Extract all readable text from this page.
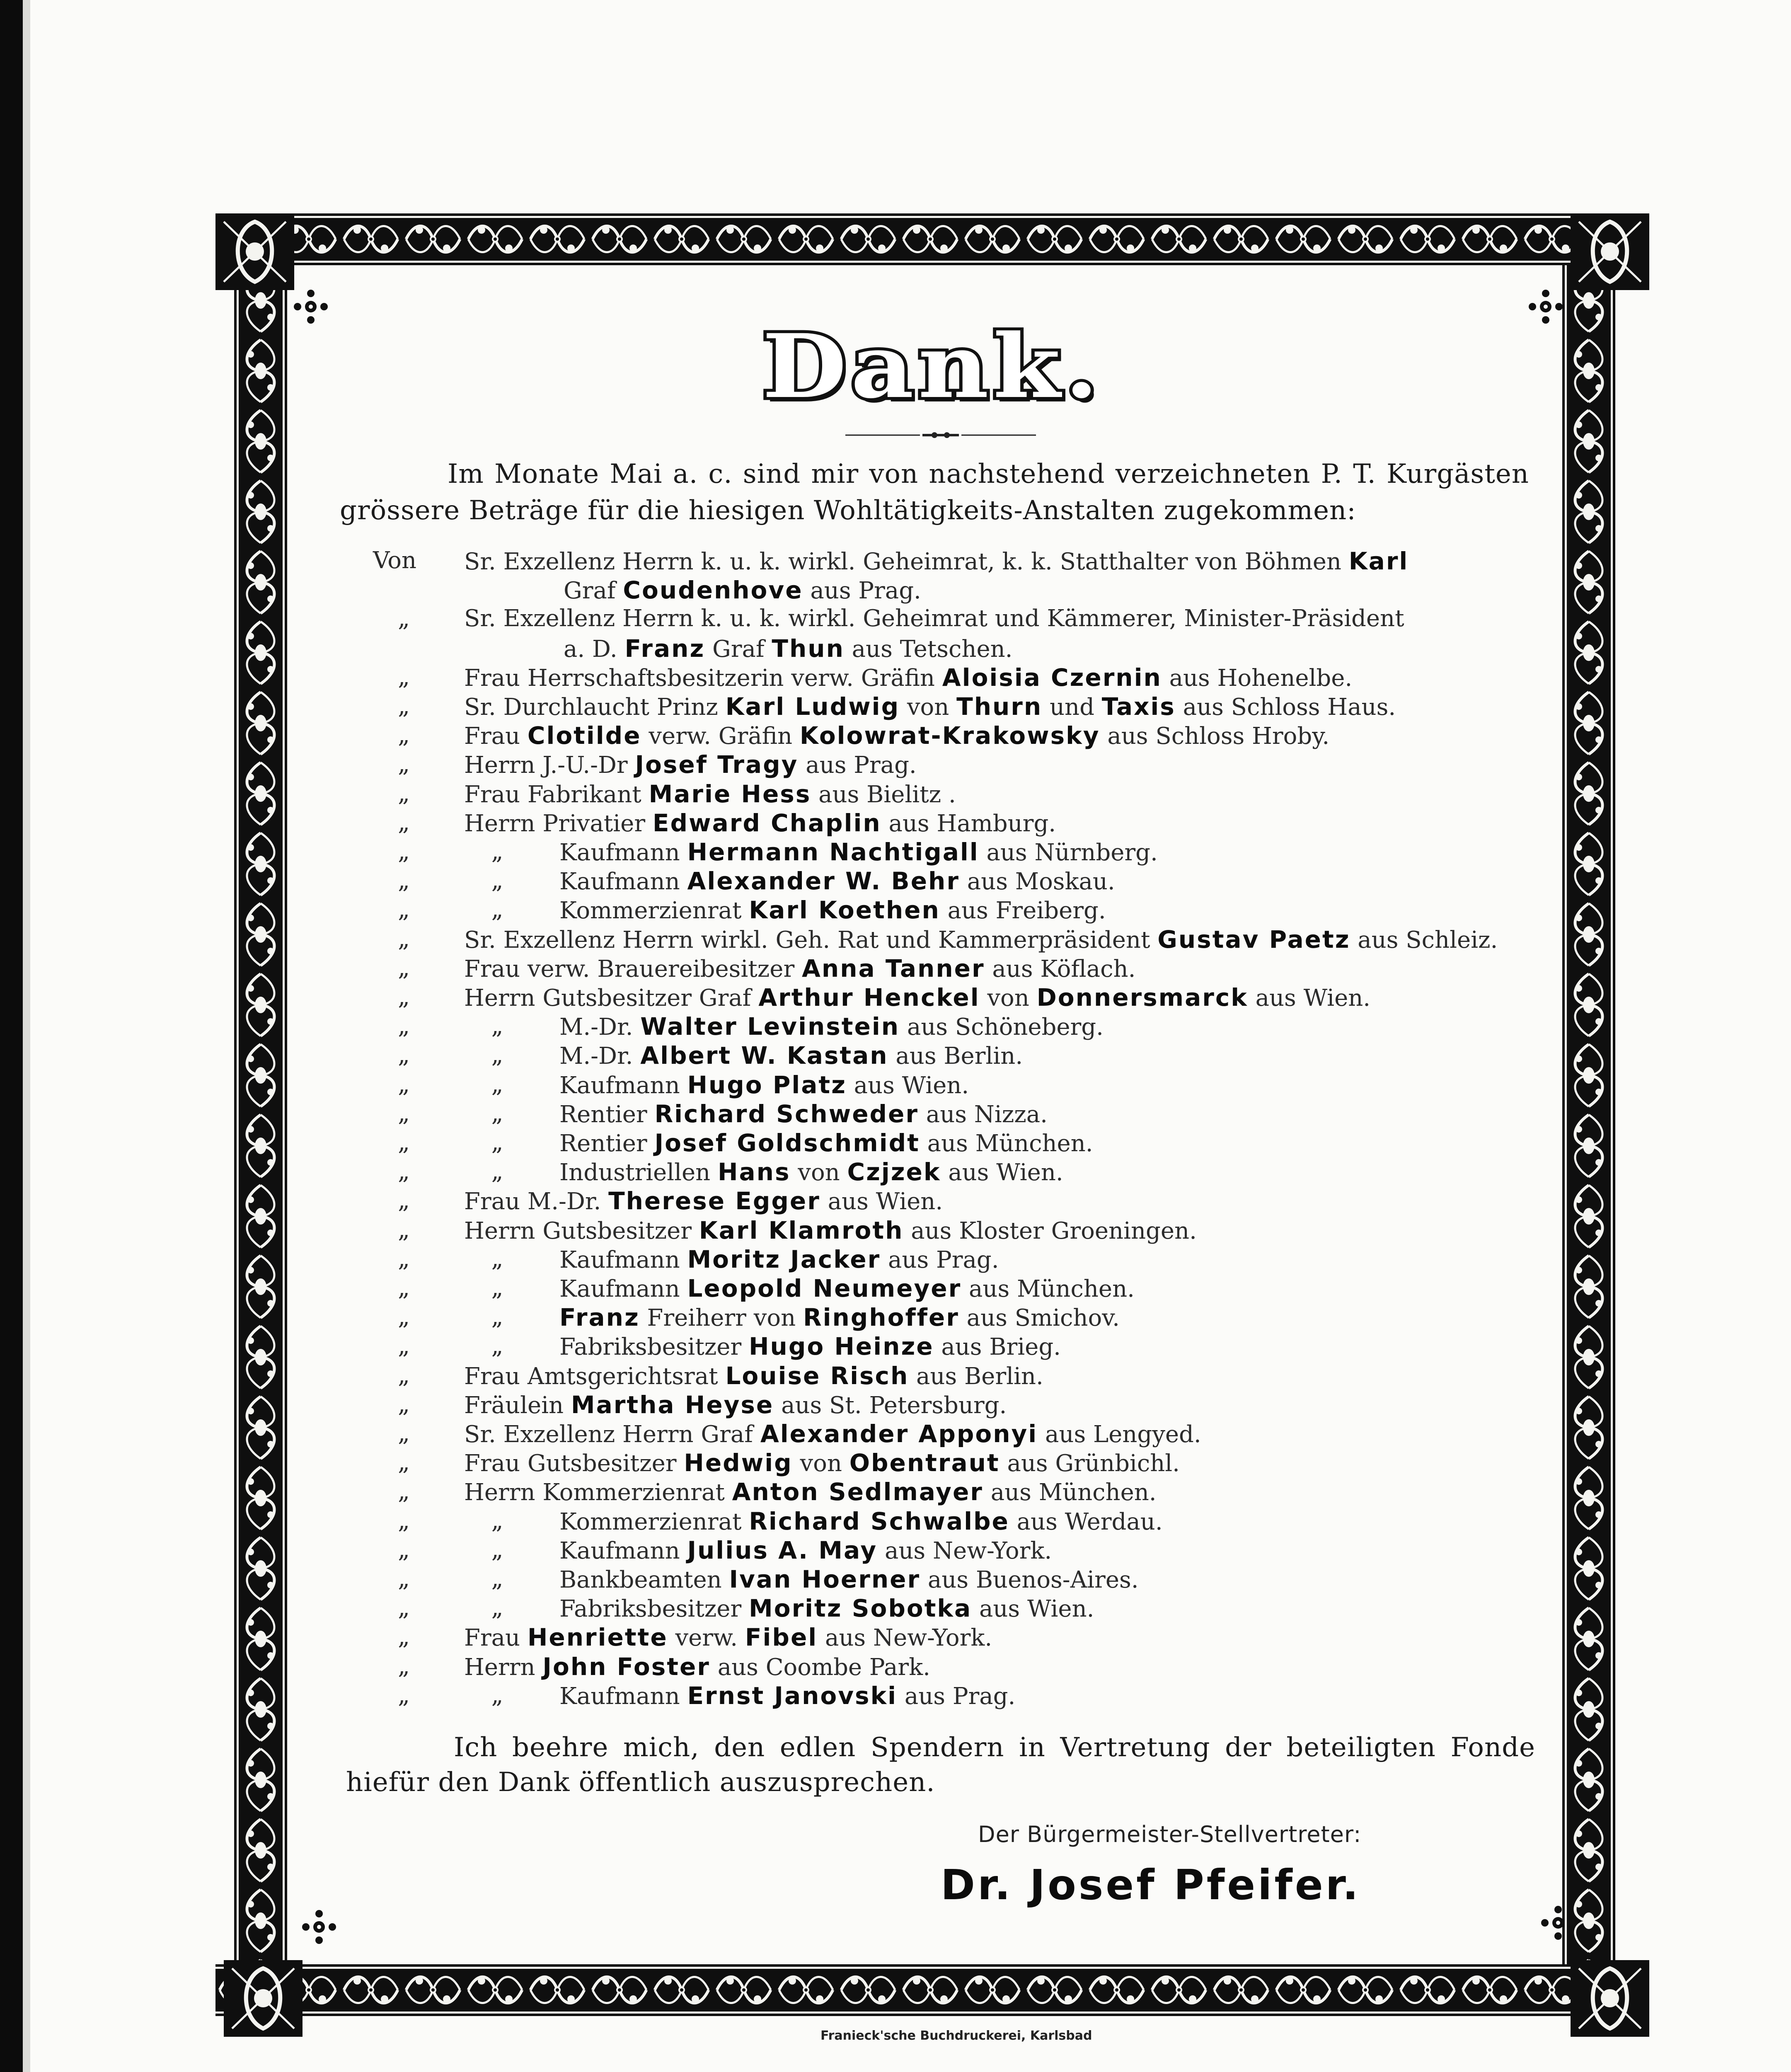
Dank.
Im Monate Mai a. c. sind mir von nachstehend verzeichneten P. T. Kurgästen
grössere Beträge für die hiesigen Wohltätigkeits-Anstalten zugekommen:
Von Sr. Exzellenz Herrn k. u. k. wirkl. Geheimrat, k. k. Statthalter von Böhmen Karl
Graf Coudenhove aus Prag.
„	Sr. Exzellenz Herrn k. u. k. wirkl. Geheimrat und Kämmerer, Minister-Präsident
a. D. Franz Graf Thun aus Tetschen.
„	Frau Herrschaftsbesitzerin verw. Gräfin Aloisia Czernin aus Hohenelbe.
„	Sr. Durchlaucht Prinz Karl Ludwig von Thurn und Taxis aus Schloss Haus.
„	Frau Clotilde verw. Gräfin Kolowrat-Krakowsky aus Schloss Hroby.
„	Herrn J.-U.-Dr Josef Tragy aus Prag.
„	Frau Fabrikant Marie Hess aus Bielitz .
„	Herrn Privatier Edward Chaplin aus Hamburg.
„	„	Kaufmann Hermann Nachtigall aus Nürnberg.
„	„	Kaufmann Alexander W. Behr aus Moskau.
„	„	Kommerzienrat Karl Koethen aus Freiberg.
„	Sr. Exzellenz Herrn wirkl. Geh. Rat und Kammerpräsident Gustav Paetz aus Schleiz.
„	Frau verw. Brauereibesitzer Anna Tanner aus Köflach.
„	Herrn Gutsbesitzer Graf Arthur Henckel von Donnersmarck aus Wien.
„	„	M.-Dr. Walter Levinstein aus Schöneberg.
„	„	M.-Dr. Albert W. Kastan aus Berlin.
„	„	Kaufmann Hugo Platz aus Wien.
„	„	Rentier Richard Schweder aus Nizza.
„	„	Rentier Josef Goldschmidt aus München.
„	„	Industriellen Hans von Czjzek aus Wien.
„	Frau M.-Dr. Therese Egger aus Wien.
„	Herrn Gutsbesitzer Karl Klamroth aus Kloster Groeningen.
„	„	Kaufmann Moritz Jacker aus Prag.
„	„	Kaufmann Leopold Neumeyer aus München.
„	„	Franz Freiherr von Ringhoffer aus Smichov.
„	„	Fabriksbesitzer Hugo Heinze aus Brieg.
„	Frau Amtsgerichtsrat Louise Risch aus Berlin.
„	Fräulein Martha Heyse aus St. Petersburg.
„	Sr. Exzellenz Herrn Graf Alexander Apponyi aus Lengyed.
„	Frau Gutsbesitzer Hedwig von Obentraut aus Grünbichl.
„	Herrn Kommerzienrat Anton Sedlmayer aus München.
„	„	Kommerzienrat Richard Schwalbe aus Werdau.
„	„	Kaufmann Julius A. May aus New-York.
„	„	Bankbeamten Ivan Hoerner aus Buenos-Aires.
„	„	Fabriksbesitzer Moritz Sobotka aus Wien.
„	Frau Henriette verw. Fibel aus New-York.
„	Herrn John Foster aus Coombe Park.
„	„	Kaufmann Ernst Janovski aus Prag.
Ich beehre mich, den edlen Spendern in Vertretung der beteiligten Fonde
hiefür den Dank öffentlich auszusprechen.
Der Bürgermeister-Stellvertreter:
Dr. Josef Pfeifer.
Franieck'sche Buchdruckerei, Karlsbad
